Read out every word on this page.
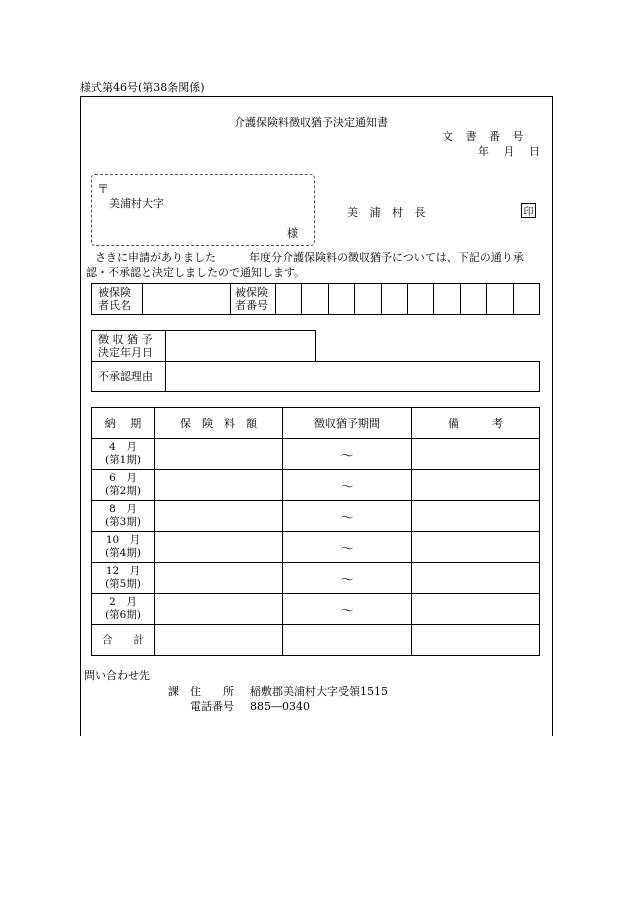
様式第46号(第38条関係)
介護保険料徴収猶予決定通知書
文 書 番 号
年 月 日
〒
美浦村大字
様
美 浦 村 長	印
さきに申請がありました　　　年度分介護保険料の徴収猶予については、下記の通り承
認・不承認と決定しましたので通知します。
被保険
者氏名		被保険
者番号										
徴 収 猶 予
決定年月日	
不承認理由	
納　 期	保　険　料　額	徴収猶予期間	備　　　考
4　月
(第1期)		～	
6　月
(第2期)		～	
8　月
(第3期)		～	
10　月
(第4期)		～	
12　月
(第5期)		～	
2　月
(第6期)		～	
合　　計			
問い合わせ先
課 住　　所 稲敷郡美浦村大字受領1515
電話番号 885―0340
